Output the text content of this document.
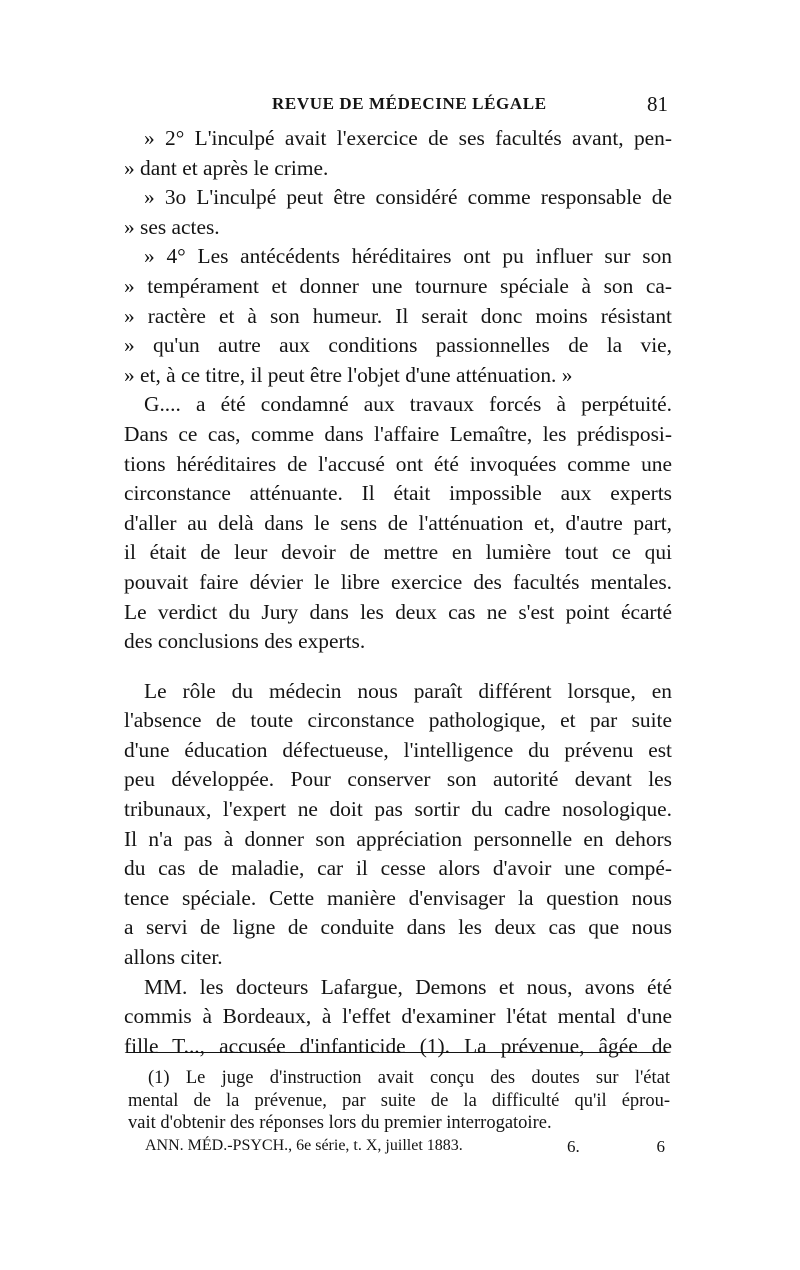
REVUE DE MÉDECINE LÉGALE	81
» 2° L'inculpé avait l'exercice de ses facultés avant, pen-
» dant et après le crime.
» 3o L'inculpé peut être considéré comme responsable de
» ses actes.
» 4° Les antécédents héréditaires ont pu influer sur son
» tempérament et donner une tournure spéciale à son ca-
» ractère et à son humeur. Il serait donc moins résistant
» qu'un autre aux conditions passionnelles de la vie,
» et, à ce titre, il peut être l'objet d'une atténuation. »
G.... a été condamné aux travaux forcés à perpétuité.
Dans ce cas, comme dans l'affaire Lemaître, les prédisposi-
tions héréditaires de l'accusé ont été invoquées comme une
circonstance atténuante. Il était impossible aux experts
d'aller au delà dans le sens de l'atténuation et, d'autre part,
il était de leur devoir de mettre en lumière tout ce qui
pouvait faire dévier le libre exercice des facultés mentales.
Le verdict du Jury dans les deux cas ne s'est point écarté
des conclusions des experts.
Le rôle du médecin nous paraît différent lorsque, en
l'absence de toute circonstance pathologique, et par suite
d'une éducation défectueuse, l'intelligence du prévenu est
peu développée. Pour conserver son autorité devant les
tribunaux, l'expert ne doit pas sortir du cadre nosologique.
Il n'a pas à donner son appréciation personnelle en dehors
du cas de maladie, car il cesse alors d'avoir une compé-
tence spéciale. Cette manière d'envisager la question nous
a servi de ligne de conduite dans les deux cas que nous
allons citer.
MM. les docteurs Lafargue, Demons et nous, avons été
commis à Bordeaux, à l'effet d'examiner l'état mental d'une
fille T..., accusée d'infanticide (1). La prévenue, âgée de
(1) Le juge d'instruction avait conçu des doutes sur l'état
mental de la prévenue, par suite de la difficulté qu'il éprou-
vait d'obtenir des réponses lors du premier interrogatoire.
ANN. MÉD.-PSYCH., 6e série, t. X, juillet 1883.	6.	6
